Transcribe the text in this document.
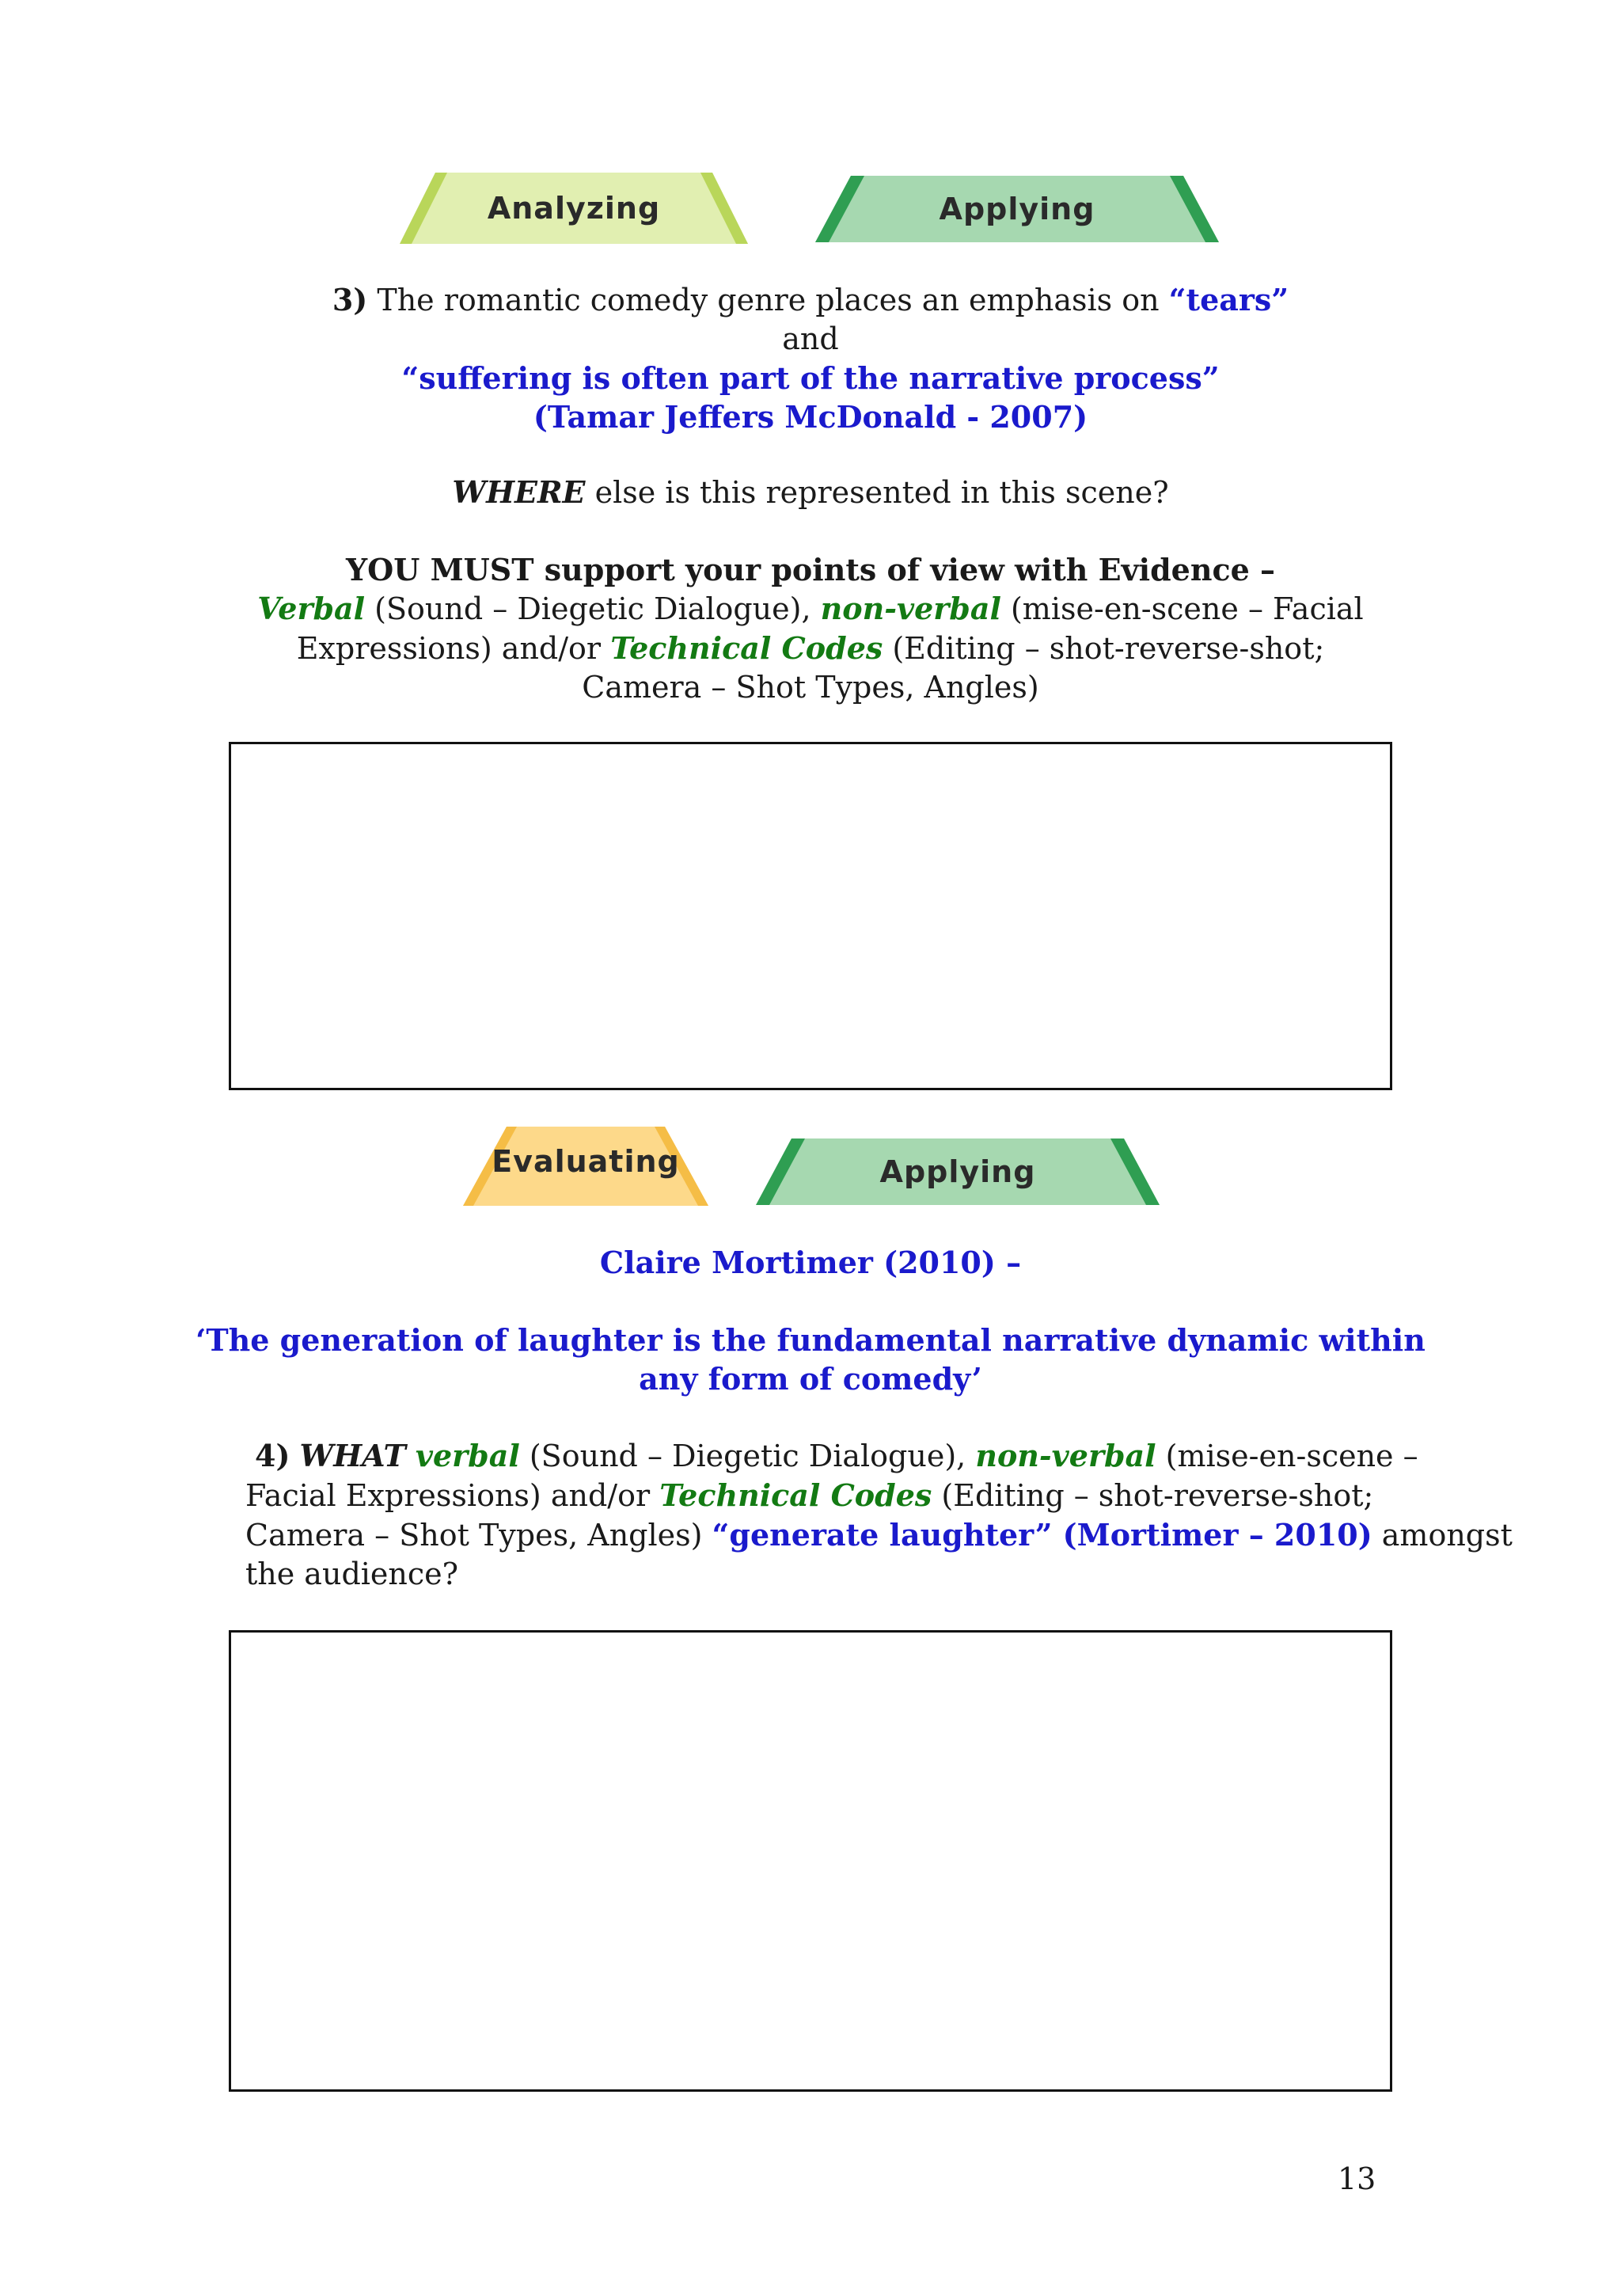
Analyzing	Applying
3) The romantic comedy genre places an emphasis on “tears”
and
“suffering is often part of the narrative process”
(Tamar Jeffers McDonald - 2007)
WHERE else is this represented in this scene?
YOU MUST support your points of view with Evidence –
Verbal (Sound – Diegetic Dialogue), non-verbal (mise-en-scene – Facial
Expressions) and/or Technical Codes (Editing – shot-reverse-shot;
Camera – Shot Types, Angles)
Evaluating	Applying
Claire Mortimer (2010) –
‘The generation of laughter is the fundamental narrative dynamic within
any form of comedy’
4) WHAT verbal (Sound – Diegetic Dialogue), non-verbal (mise-en-scene –
Facial Expressions) and/or Technical Codes (Editing – shot-reverse-shot;
Camera – Shot Types, Angles) “generate laughter” (Mortimer – 2010) amongst
the audience?
13
